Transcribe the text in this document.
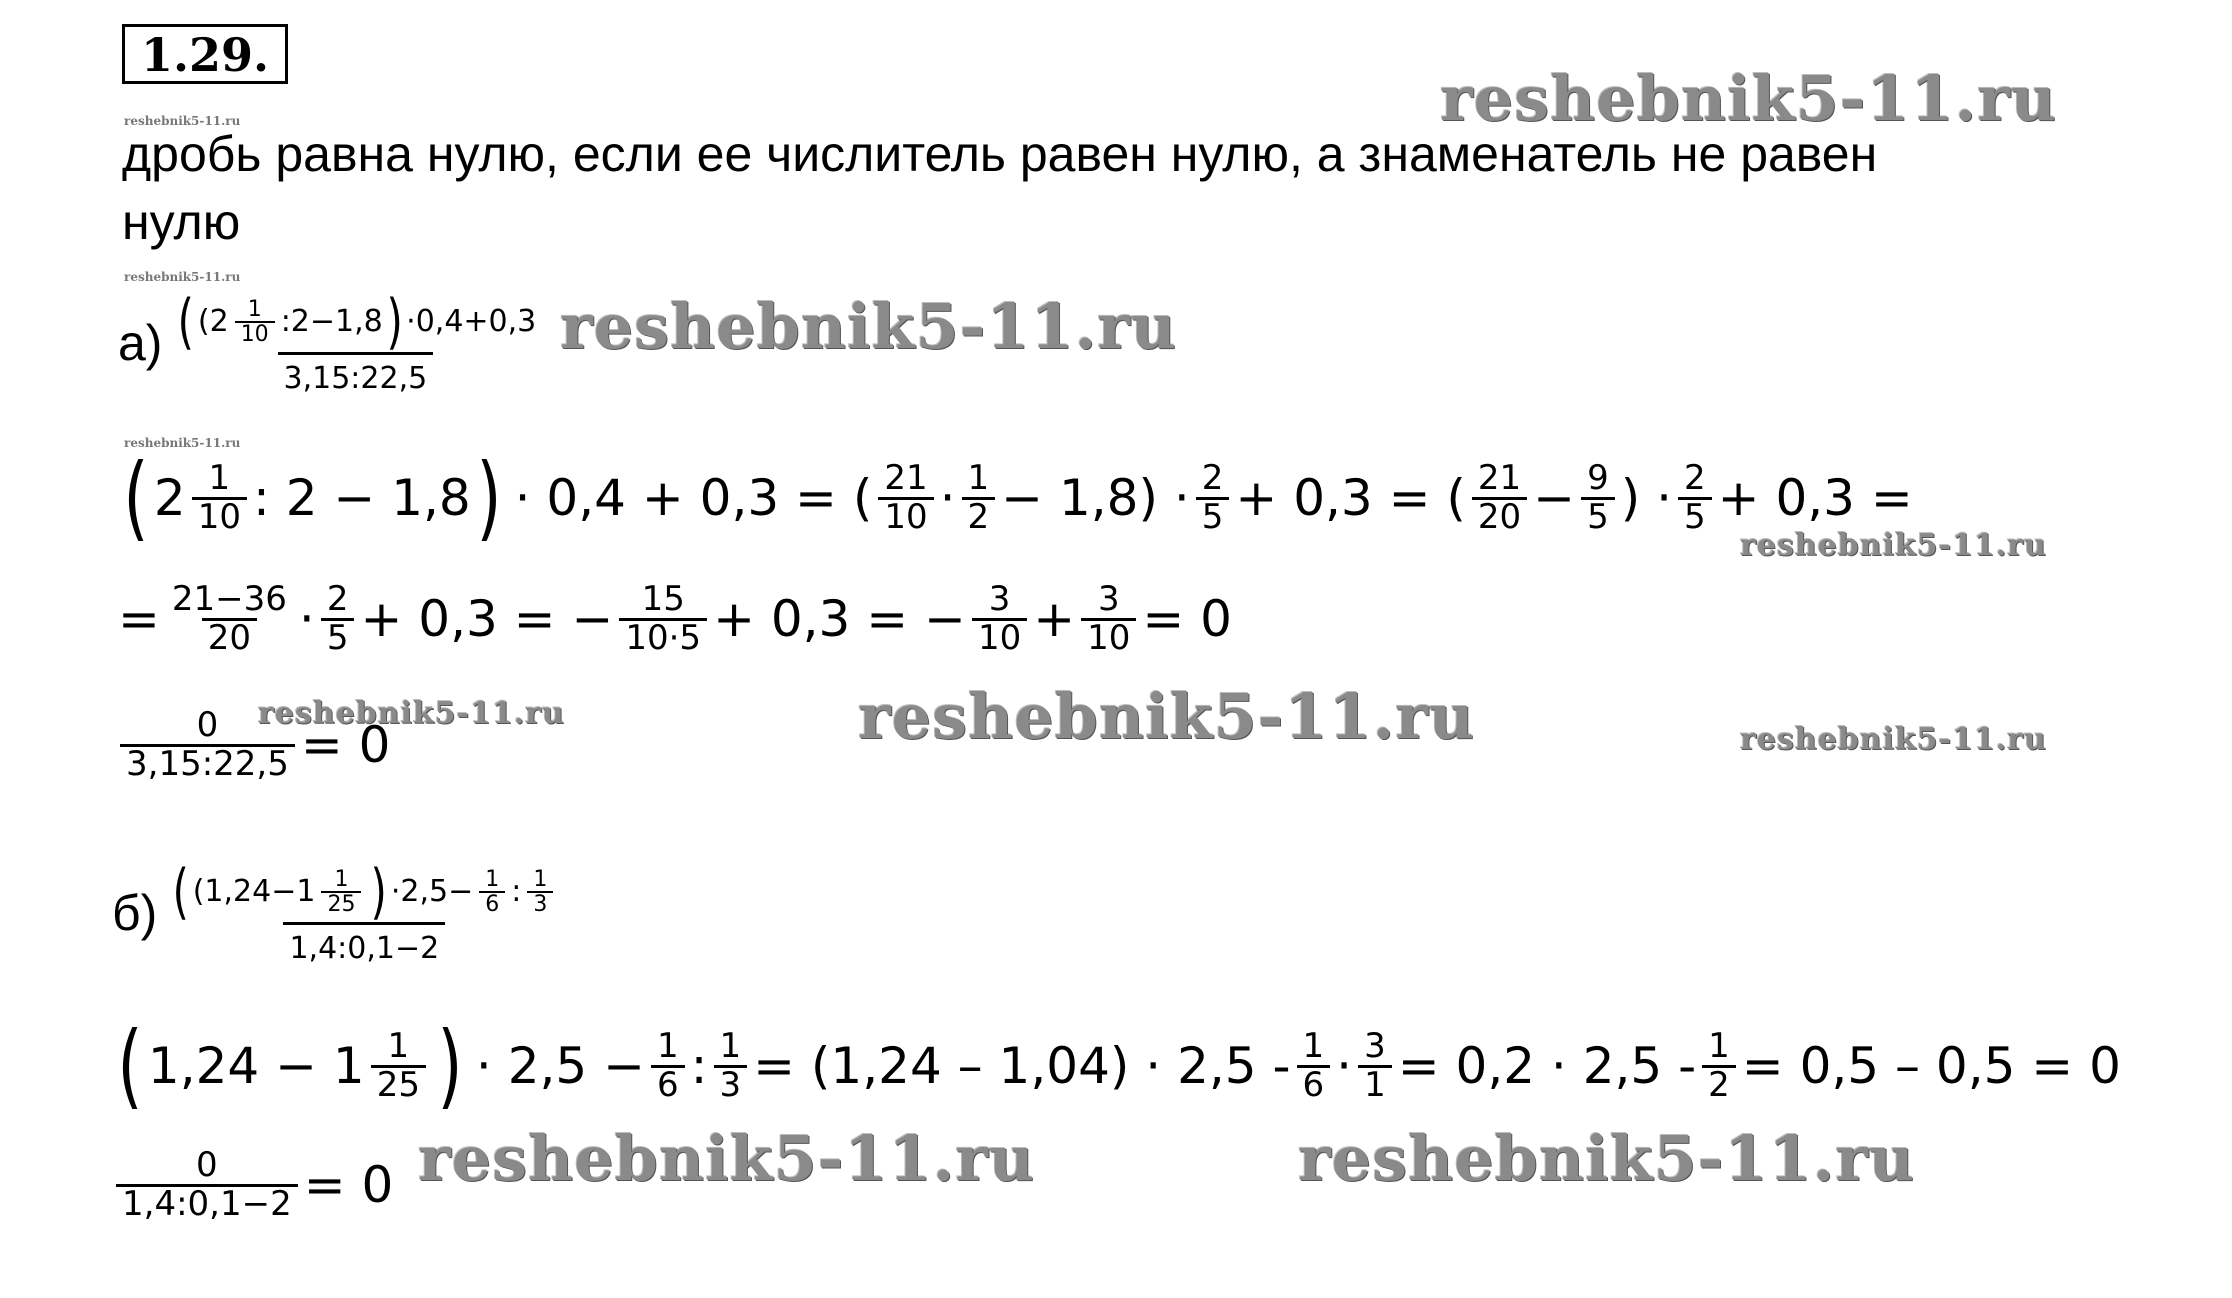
1.29.
reshebnik5-11.ru
reshebnik5-11.ru
reshebnik5-11.ru
reshebnik5-11.ru	reshebnik5-11.ru	reshebnik5-11.ru
reshebnik5-11.ru	reshebnik5-11.ru
reshebnik5-11.ru
reshebnik5-11.ru
reshebnik5-11.ru
дробь равна нулю, если ее числитель равен нулю, а знаменатель не равен
нулю
а) ( ($2 \frac{1}{10}$ :2−1,8 ) ·0,4+0,3
3,15:22,5
( $2 \frac{1}{10}$ : 2 − 1,8 ) · 0,4 + 0,3 = ( $\frac{21}{10} \cdot \frac{1}{2} - 1,8) \cdot \frac{2}{5} + 0,3$ = ( $\frac{21}{20} - \frac{9}{5}$ ) · $\frac{2}{5} + 0,3$ =
= $\frac{21-36}{20} \cdot \frac{2}{5} + 0,3$ = − $\frac{15}{10\cdot 5} + 0,3$ = − $\frac{3}{10} + \frac{3}{10} = 0$
$\frac{0}{3,15:22,5} = 0$
б) ( ($1,24-1 \frac{1}{25}$ ) $\cdot 2,5- \frac{1}{6}$ : $\frac{1}{3}$
1,4:0,1−2
( $1,24 - 1 \frac{1}{25}$ ) · $2,5 - \frac{1}{6}$ : $\frac{1}{3} = (1,24 - 1,04) \cdot 2,5 - \frac{1}{6} \cdot \frac{3}{1} = 0,2 \cdot 2,5 - \frac{1}{2} = 0,5 - 0,5 = 0$
$\frac{0}{1,4:0,1-2} = 0$
